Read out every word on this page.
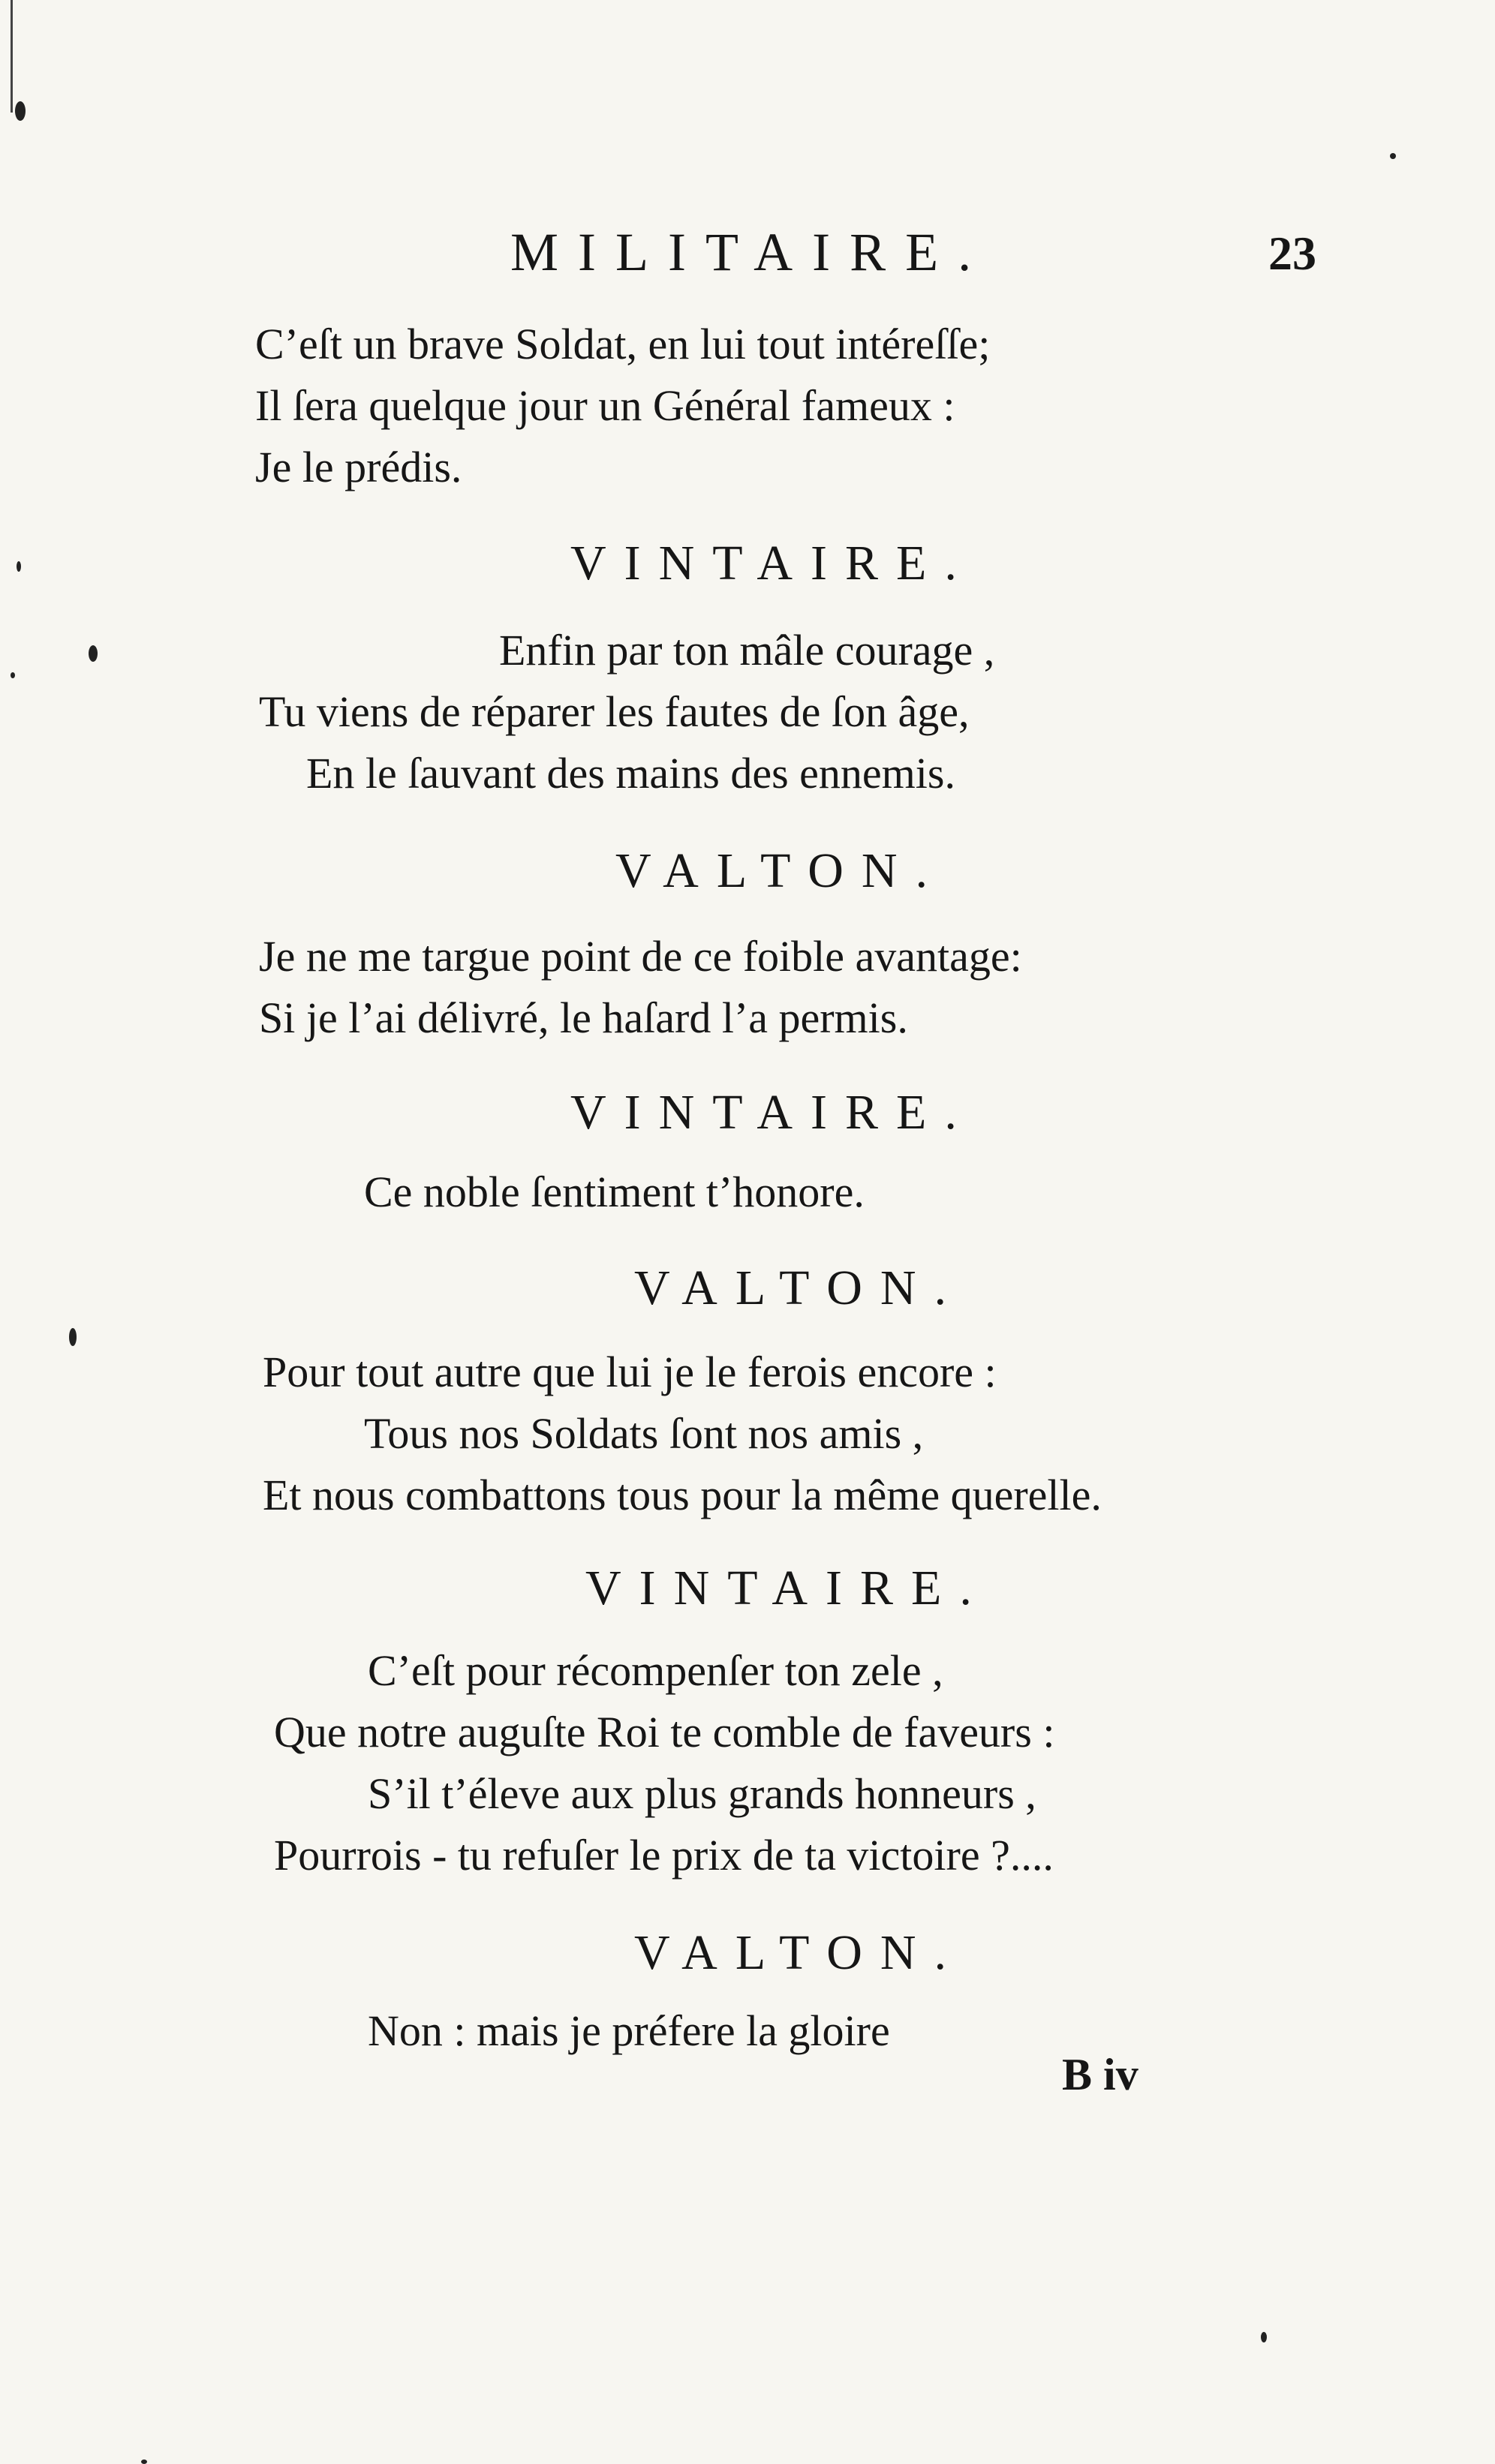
MILITAIRE.	23
C’eſt un brave Soldat, en lui tout intéreſſe;
Il ſera quelque jour un Général fameux :
Je le prédis.
VINTAIRE.
Enfin par ton mâle courage ,
Tu viens de réparer les fautes de ſon âge,
En le ſauvant des mains des ennemis.
VALTON.
Je ne me targue point de ce foible avantage:
Si je l’ai délivré, le haſard l’a permis.
VINTAIRE.
Ce noble ſentiment t’honore.
VALTON.
Pour tout autre que lui je le ferois encore :
Tous nos Soldats ſont nos amis ,
Et nous combattons tous pour la même querelle.
VINTAIRE.
C’eſt pour récompenſer ton zele ,
Que notre auguſte Roi te comble de faveurs :
S’il t’éleve aux plus grands honneurs ,
Pourrois - tu refuſer le prix de ta victoire ?....
VALTON.
Non : mais je préfere la gloire
B iv
